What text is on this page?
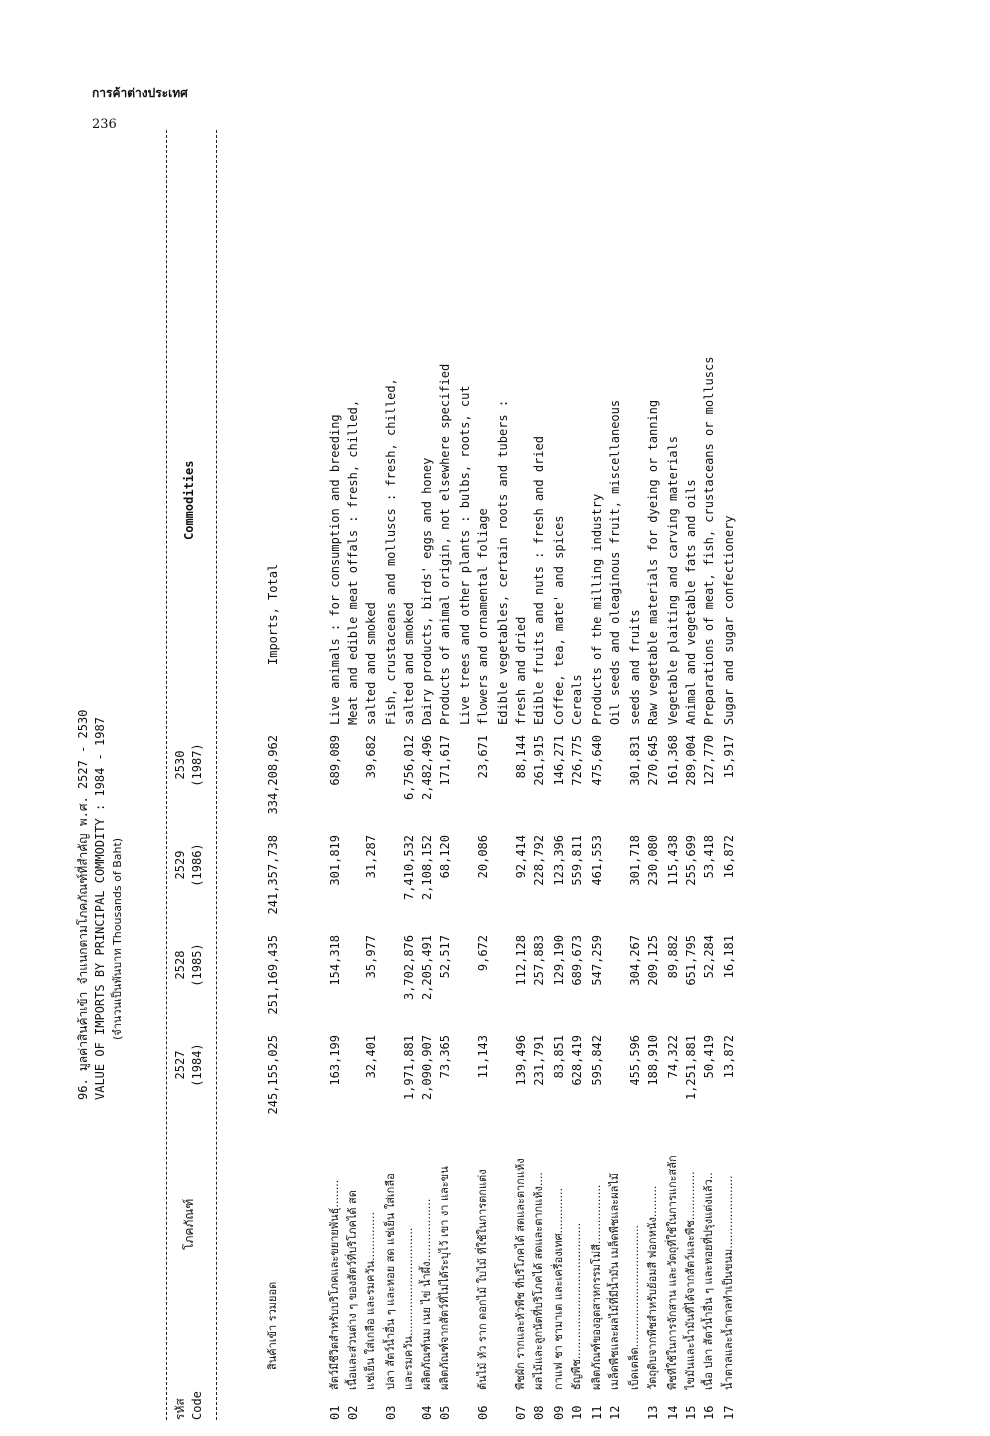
การค้าต่างประเทศ
236
96. มูลค่าสินค้าเข้า จำแนกตามโภคภัณฑ์ที่สำคัญ พ.ศ. 2527 - 2530 VALUE OF IMPORTS BY PRINCIPAL COMMODITY : 1984 - 1987 (จำนวนเป็นพันบาท Thousands of Baht)
รหัส Code
โภคภัณฑ์
2527 (1984)
2528 (1985)
2529 (1986)
2530 (1987)
Commodities
สินค้าเข้า รวมยอด
245,155,025
251,169,435
241,357,738
334,208,962
Imports, Total
01
สัตว์มีชีวิตสำหรับบริโภคและขยายพันธุ์........
163,199
154,318
301,819
689,089
Live animals : for consumption and breeding
02
เนื้อและส่วนต่าง ๆ ของสัตว์ที่บริโภคได้ สด
Meat and edible meat offals : fresh, chilled,
แช่เย็น ใส่เกลือ และรมควัน..............
32,401
35,977
31,287
39,682
salted and smoked
03
ปลา สัตว์น้ำอื่น ๆ และหอย สด แช่เย็น ใส่เกลือ
Fish, crustaceans and molluscs : fresh, chilled,
และรมควัน...............................
1,971,881
3,702,876
7,410,532
6,756,012
salted and smoked
04
ผลิตภัณฑ์นม เนย ไข่ น้ำผึ้ง..................
2,090,907
2,205,491
2,108,152
2,482,496
Dairy products, birds' eggs and honey
05
ผลิตภัณฑ์จากสัตว์ที่ไม่ได้ระบุไว้ เขา งา และขน
73,365
52,517
68,120
171,617
Products of animal origin, not elsewhere specified Live trees and other plants : bulbs, roots, cut
06
ต้นไม้ หัว ราก ดอกไม้ ใบไม้ ที่ใช้ในการตกแต่ง
11,143
9,672
20,086
23,671
flowers and ornamental foliage Edible vegetables, certain roots and tubers :
07
พืชผัก รากและหัวพืช ที่บริโภคได้ สดและตากแห้ง
139,496
112,128
92,414
88,144
fresh and dried
08
ผลไม้และลูกนัตที่บริโภคได้ สดและตากแห้ง....
231,791
257,883
228,792
261,915
Edible fruits and nuts : fresh and dried
09
กาแฟ ชา ชามาเต และเครื่องเทศ.............
83,851
129,190
123,396
146,271
Coffee, tea, mate' and spices
10
ธัญพืช.......................................
628,419
689,673
559,811
726,775
Cereals
11
ผลิตภัณฑ์ของอุตสาหกรรมโม่สี.................
595,842
547,259
461,553
475,640
Products of the milling industry
12
เมล็ดพืชและผลไม้ที่มีน้ำมัน เมล็ดพืชและผลไม้
Oil seeds and oleaginous fruit, miscellaneous
เบ็ดเตล็ด...................................
455,596
304,267
301,718
301,831
seeds and fruits
13
วัตถุดิบจากพืชสำหรับย้อมสี ฟอกหนัง.........
188,910
209,125
230,080
270,645
Raw vegetable materials for dyeing or tanning
14
พืชที่ใช้ในการจักสาน และวัตถุที่ใช้ในการแกะสลัก
74,322
89,882
115,438
161,368
Vegetable plaiting and carving materials
15
ไขมันและน้ำมันที่ได้จากสัตว์และพืช..............
1,251,881
651,795
255,699
289,004
Animal and vegetable fats and oils
16
เนื้อ ปลา สัตว์น้ำอื่น ๆ และหอยที่ปรุงแต่งแล้ว..
50,419
52,284
53,418
127,770
Preparations of meat, fish, crustaceans or molluscs
17
น้ำตาลและน้ำตาลทำเป็นขนม.....................
13,872
16,181
16,872
15,917
Sugar and sugar confectionery
